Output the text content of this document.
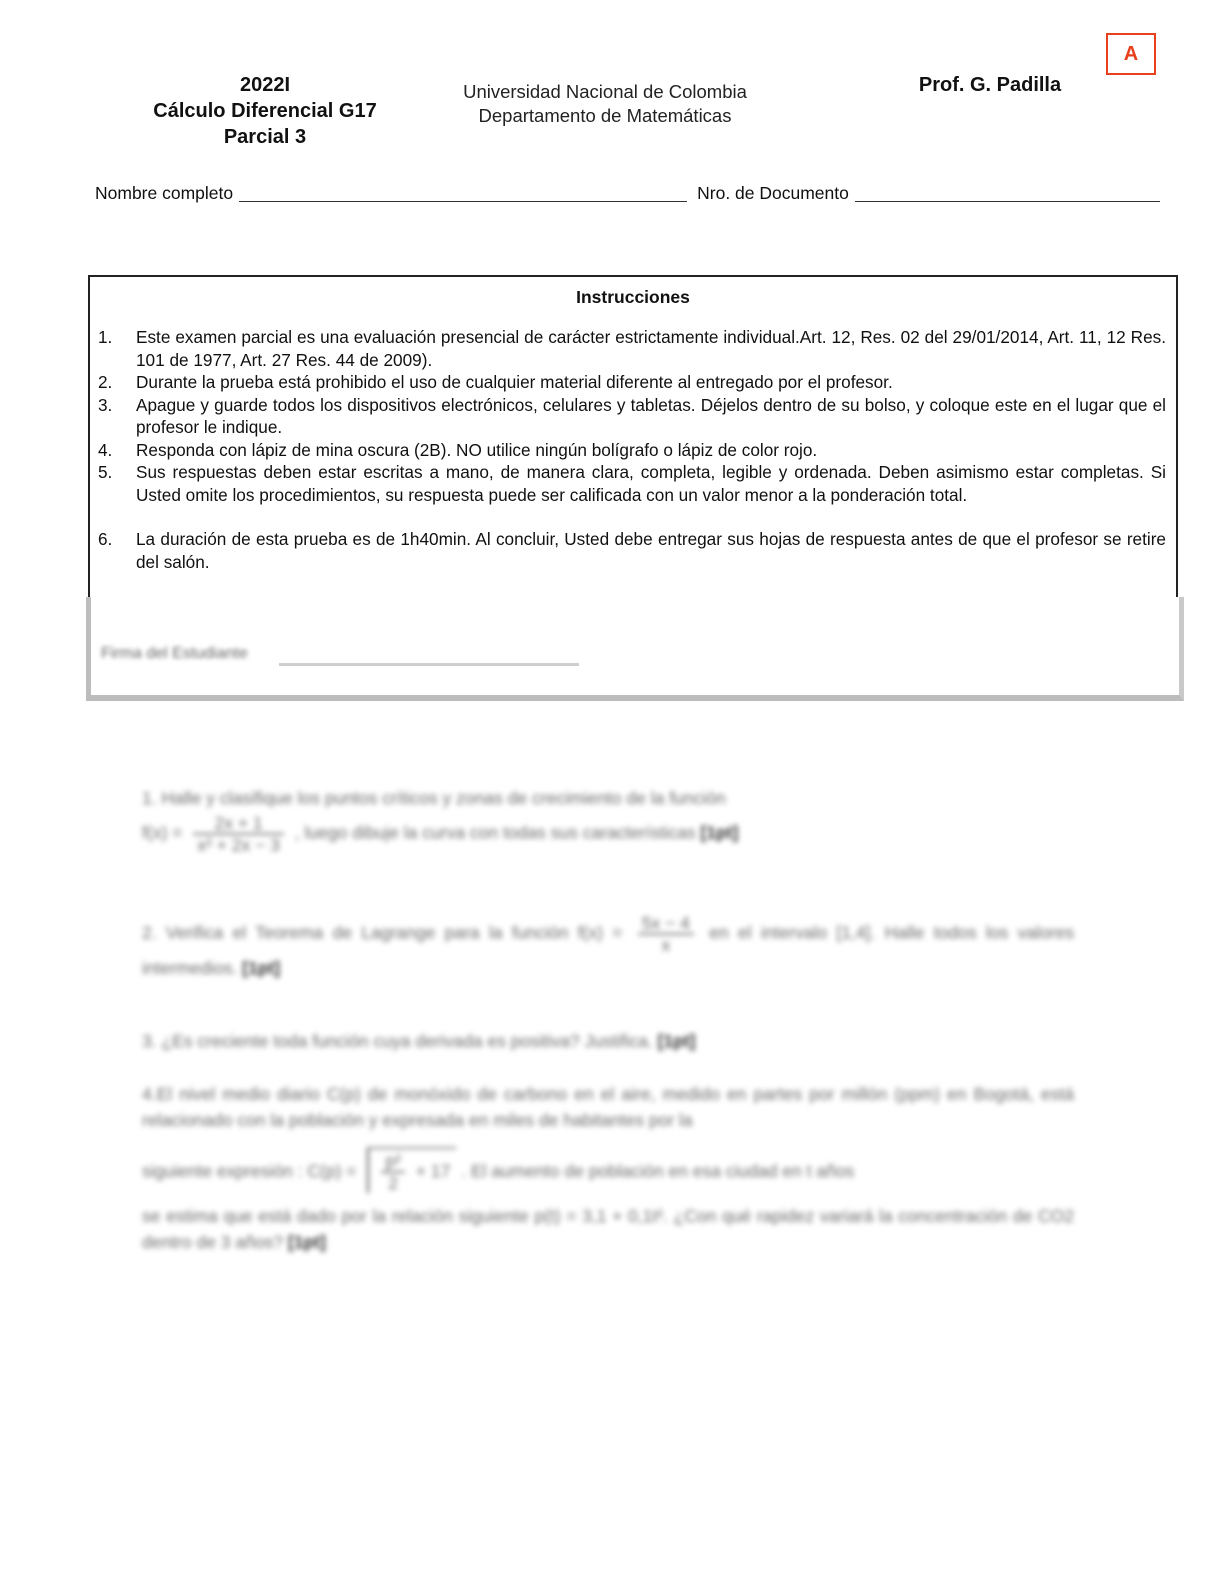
2022I
Cálculo Diferencial G17
Parcial 3
Universidad Nacional de Colombia
Departamento de Matemáticas
Prof. G. Padilla
A
Nombre completo	Nro. de Documento
Instrucciones
1.	Este examen parcial es una evaluación presencial de carácter estrictamente individual.Art. 12, Res. 02 del 29/01/2014, Art. 11, 12 Res. 101 de 1977, Art. 27 Res. 44 de 2009).
2.	Durante la prueba está prohibido el uso de cualquier material diferente al entregado por el profesor.
3.	Apague y guarde todos los dispositivos electrónicos, celulares y tabletas. Déjelos dentro de su bolso, y coloque este en el lugar que el profesor le indique.
4.	Responda con lápiz de mina oscura (2B). NO utilice ningún bolígrafo o lápiz de color rojo.
5.	Sus respuestas deben estar escritas a mano, de manera clara, completa, legible y ordenada. Deben asimismo estar completas. Si Usted omite los procedimientos, su respuesta puede ser calificada con un valor menor a la ponderación total.
6.	La duración de esta prueba es de 1h40min. Al concluir, Usted debe entregar sus hojas de respuesta antes de que el profesor se retire del salón.
Firma del Estudiante
1. Halle y clasifique los puntos críticos y zonas de crecimiento de la función
$f(x) = \frac{2x + 1}{\text{x² + 2x − 3}}$ , luego dibuje la curva con todas sus características [1pt]
2. Verifica el Teorema de Lagrange para la función $f(x) = \frac{5x - 4}{x}$ en el intervalo [1,4]. Halle todos los valores intermedios. [1pt]
3. ¿Es creciente toda función cuya derivada es positiva? Justifica. [1pt]
4.El nivel medio diario C(p) de monóxido de carbono en el aire, medido en partes por millón (ppm) en Bogotá, está relacionado con la población y expresada en miles de habitantes por la
siguiente expresión : $C(p) = \frac{\text{p²}}{2} + 17$ . El aumento de población en esa ciudad en t años
se estima que está dado por la relación siguiente p(t) = 3,1 + 0,1t². ¿Con qué rapidez variará la concentración de CO2 dentro de 3 años? [1pt]
